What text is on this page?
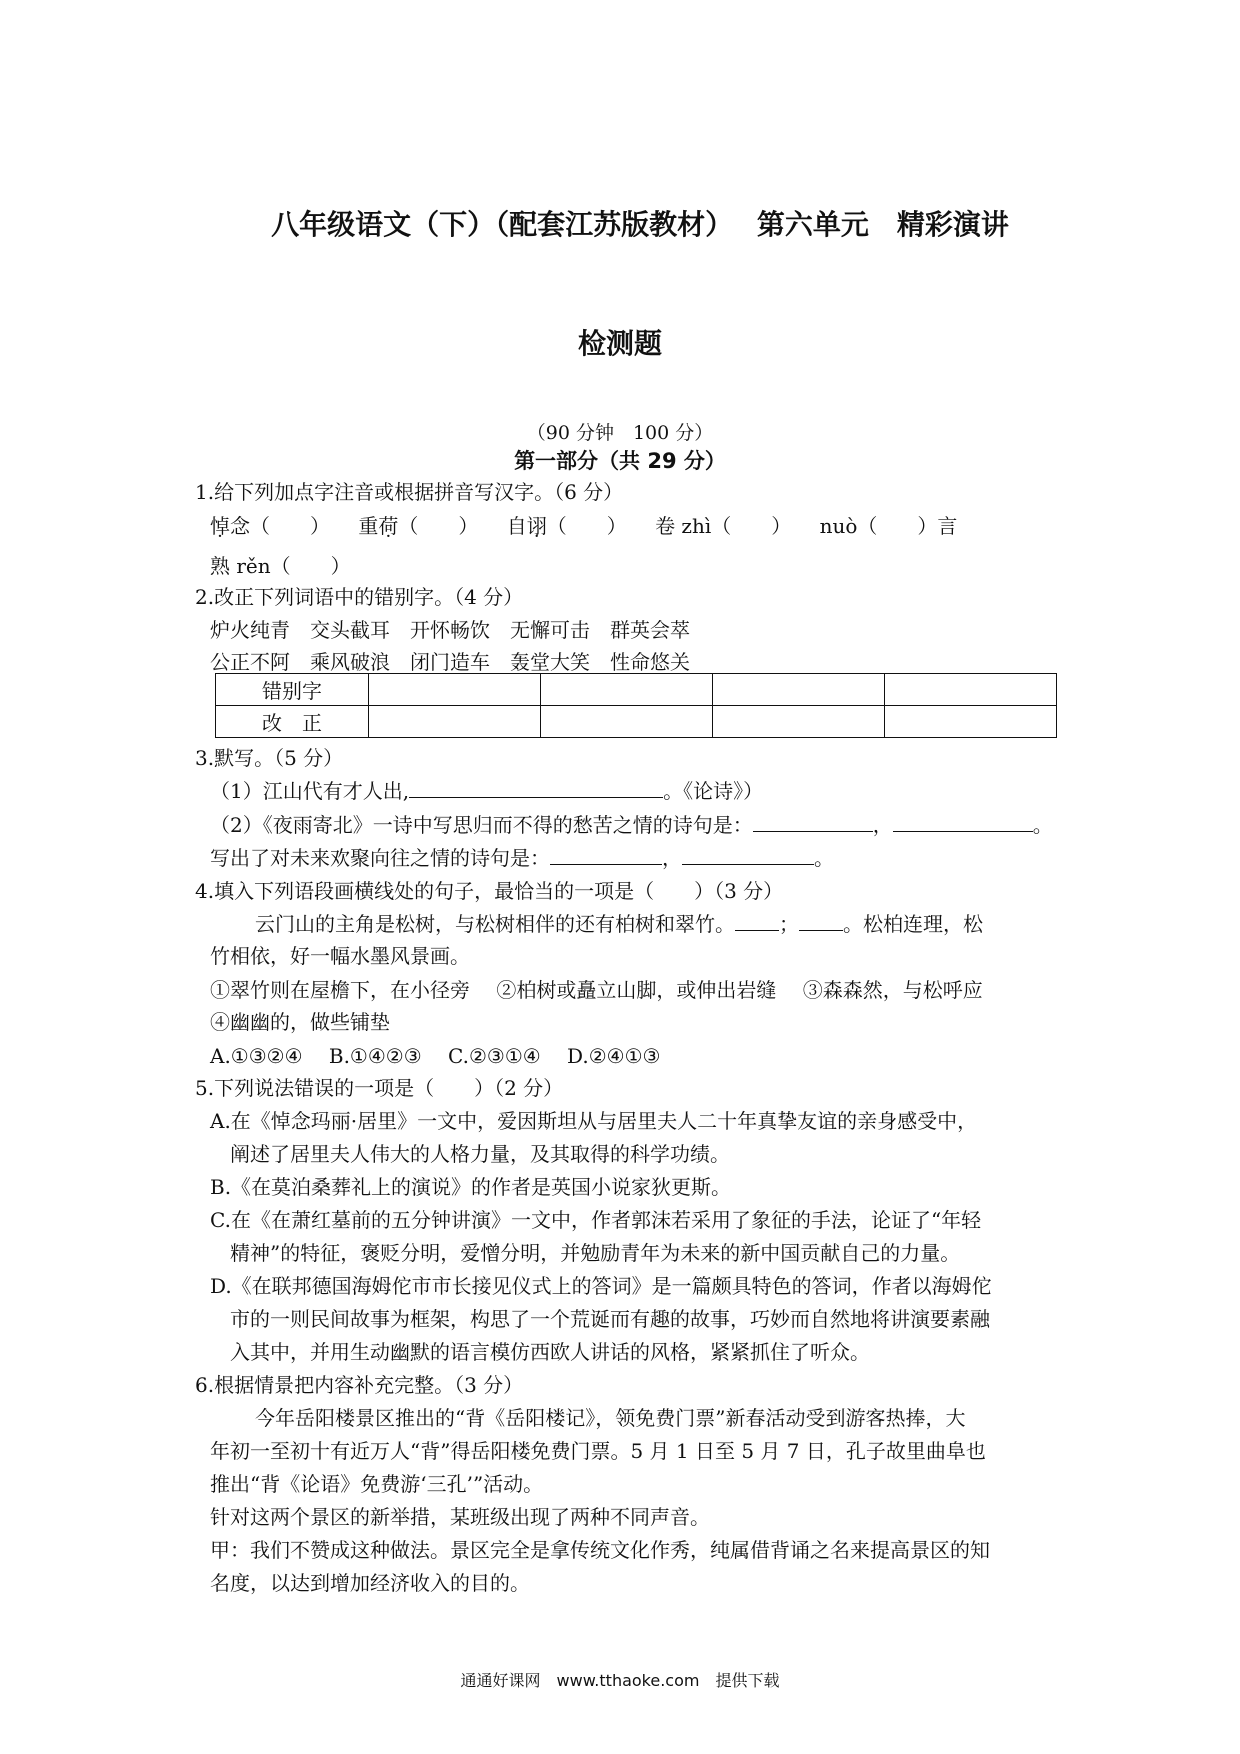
八年级语文（下）（配套江苏版教材）　 第六单元　精彩演讲
检测题
（90 分钟　100 分）
第一部分（共 29 分）
1.给下列加点字注音或根据拼音写汉字。（6 分）
悼念（　　） 重荷（　　） 自诩（　　） 卷 zhì（　　） nuò（　　）言
熟 rěn（　　）
2.改正下列词语中的错别字。（4 分）
炉火纯青　交头截耳　开怀畅饮　无懈可击　群英会萃
公正不阿　乘风破浪　闭门造车　轰堂大笑　性命悠关
错别字				
改　正				
3.默写。（5 分）
（1）江山代有才人出,	。《论诗》）
（2）《夜雨寄北》一诗中写思归而不得的愁苦之情的诗句是：	，	。
写出了对未来欢聚向往之情的诗句是：	，	。
4.填入下列语段画横线处的句子，最恰当的一项是（　　）（3 分）
云门山的主角是松树，与松树相伴的还有柏树和翠竹。 ； 。松柏连理，松
竹相依，好一幅水墨风景画。
①翠竹则在屋檐下，在小径旁　 ②柏树或矗立山脚，或伸出岩缝　 ③森森然，与松呼应
④幽幽的，做些铺垫
A.①③②④　 B.①④②③　 C.②③①④　 D.②④①③
5.下列说法错误的一项是（　　）（2 分）
A.在《悼念玛丽·居里》一文中，爱因斯坦从与居里夫人二十年真挚友谊的亲身感受中，
阐述了居里夫人伟大的人格力量，及其取得的科学功绩。
B.《在莫泊桑葬礼上的演说》的作者是英国小说家狄更斯。
C.在《在萧红墓前的五分钟讲演》一文中，作者郭沫若采用了象征的手法，论证了“年轻
精神”的特征，褒贬分明，爱憎分明，并勉励青年为未来的新中国贡献自己的力量。
D.《在联邦德国海姆佗市市长接见仪式上的答词》是一篇颇具特色的答词，作者以海姆佗
市的一则民间故事为框架，构思了一个荒诞而有趣的故事，巧妙而自然地将讲演要素融
入其中，并用生动幽默的语言模仿西欧人讲话的风格，紧紧抓住了听众。
6.根据情景把内容补充完整。（3 分）
今年岳阳楼景区推出的“背《岳阳楼记》，领免费门票”新春活动受到游客热捧，大
年初一至初十有近万人“背”得岳阳楼免费门票。5 月 1 日至 5 月 7 日，孔子故里曲阜也
推出“背《论语》免费游‘三孔’”活动。
针对这两个景区的新举措，某班级出现了两种不同声音。
甲：我们不赞成这种做法。景区完全是拿传统文化作秀，纯属借背诵之名来提高景区的知
名度，以达到增加经济收入的目的。
通通好课网　www.tthaoke.com　提供下载
